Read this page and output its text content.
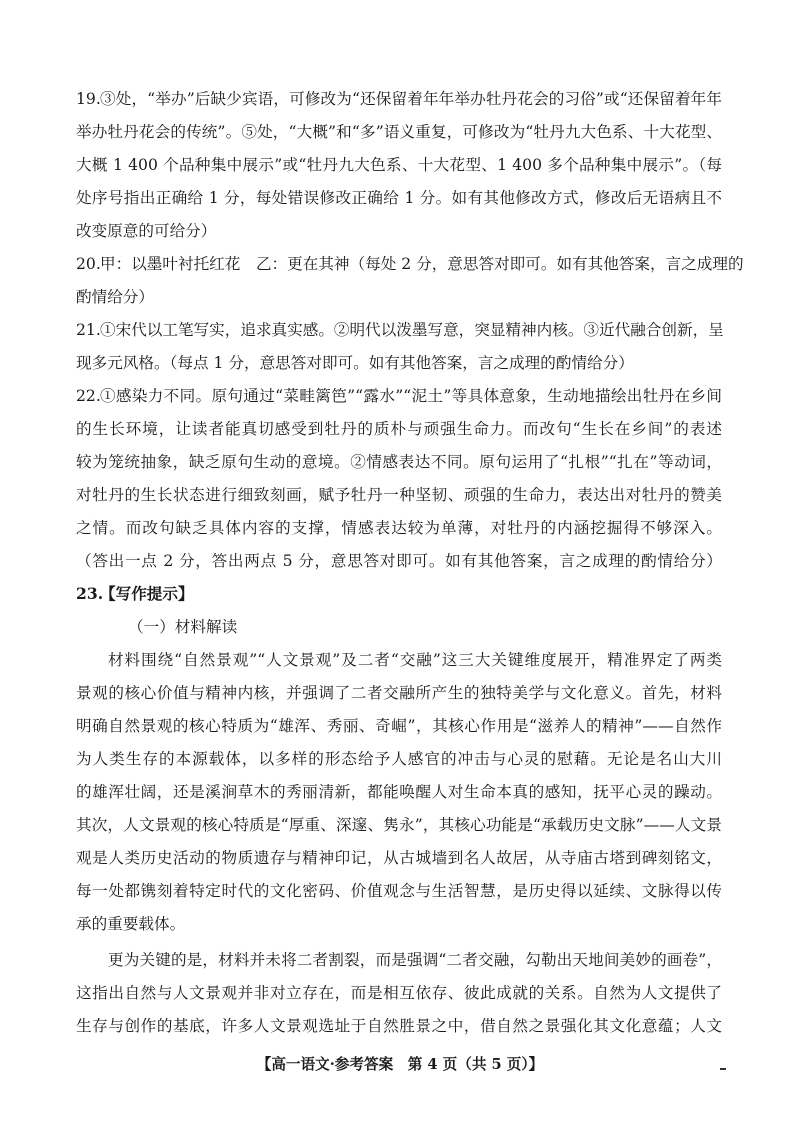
19. ③处，“举办”后缺少宾语，可修改为“还保留着年年举办牡丹花会的习俗”或“还保留着年年
举办牡丹花会的传统”。⑤处，“大概”和“多”语义重复，可修改为“牡丹九大色系、十大花型、
大概 1 400 个品种集中展示”或“牡丹九大色系、十大花型、1 400 多个品种集中展示”。（每
处序号指出正确给 1 分，每处错误修改正确给 1 分。如有其他修改方式，修改后无语病且不
改变原意的可给分）
20. 甲：以墨叶衬托红花　乙：更在其神（每处 2 分，意思答对即可。如有其他答案，言之成理的
酌情给分）
21. ①宋代以工笔写实，追求真实感。②明代以泼墨写意，突显精神内核。③近代融合创新，呈
现多元风格。（每点 1 分，意思答对即可。如有其他答案，言之成理的酌情给分）
22. ①感染力不同。原句通过“菜畦篱笆”“露水”“泥土”等具体意象，生动地描绘出牡丹在乡间
的生长环境，让读者能真切感受到牡丹的质朴与顽强生命力。而改句“生长在乡间”的表述
较为笼统抽象，缺乏原句生动的意境。②情感表达不同。原句运用了“扎根”“扎在”等动词，
对牡丹的生长状态进行细致刻画，赋予牡丹一种坚韧、顽强的生命力，表达出对牡丹的赞美
之情。而改句缺乏具体内容的支撑，情感表达较为单薄，对牡丹的内涵挖掘得不够深入。
（答出一点 2 分，答出两点 5 分，意思答对即可。如有其他答案，言之成理的酌情给分）
23.
【写作提示】
（一）材料解读
材料围绕“自然景观”“人文景观”及二者“交融”这三大关键维度展开，精准界定了两类
景观的核心价值与精神内核，并强调了二者交融所产生的独特美学与文化意义。首先，材料
明确自然景观的核心特质为“雄浑、秀丽、奇崛”，其核心作用是“滋养人的精神”——自然作
为人类生存的本源载体，以多样的形态给予人感官的冲击与心灵的慰藉。无论是名山大川
的雄浑壮阔，还是溪涧草木的秀丽清新，都能唤醒人对生命本真的感知，抚平心灵的躁动。
其次，人文景观的核心特质是“厚重、深邃、隽永”，其核心功能是“承载历史文脉”——人文景
观是人类历史活动的物质遗存与精神印记，从古城墙到名人故居，从寺庙古塔到碑刻铭文，
每一处都镌刻着特定时代的文化密码、价值观念与生活智慧，是历史得以延续、文脉得以传
承的重要载体。
更为关键的是，材料并未将二者割裂，而是强调“二者交融，勾勒出天地间美妙的画卷”，
这指出自然与人文景观并非对立存在，而是相互依存、彼此成就的关系。自然为人文提供了
生存与创作的基底，许多人文景观选址于自然胜景之中，借自然之景强化其文化意蕴；人文
【高一语文·参考答案　第 4 页（共 5 页）】
